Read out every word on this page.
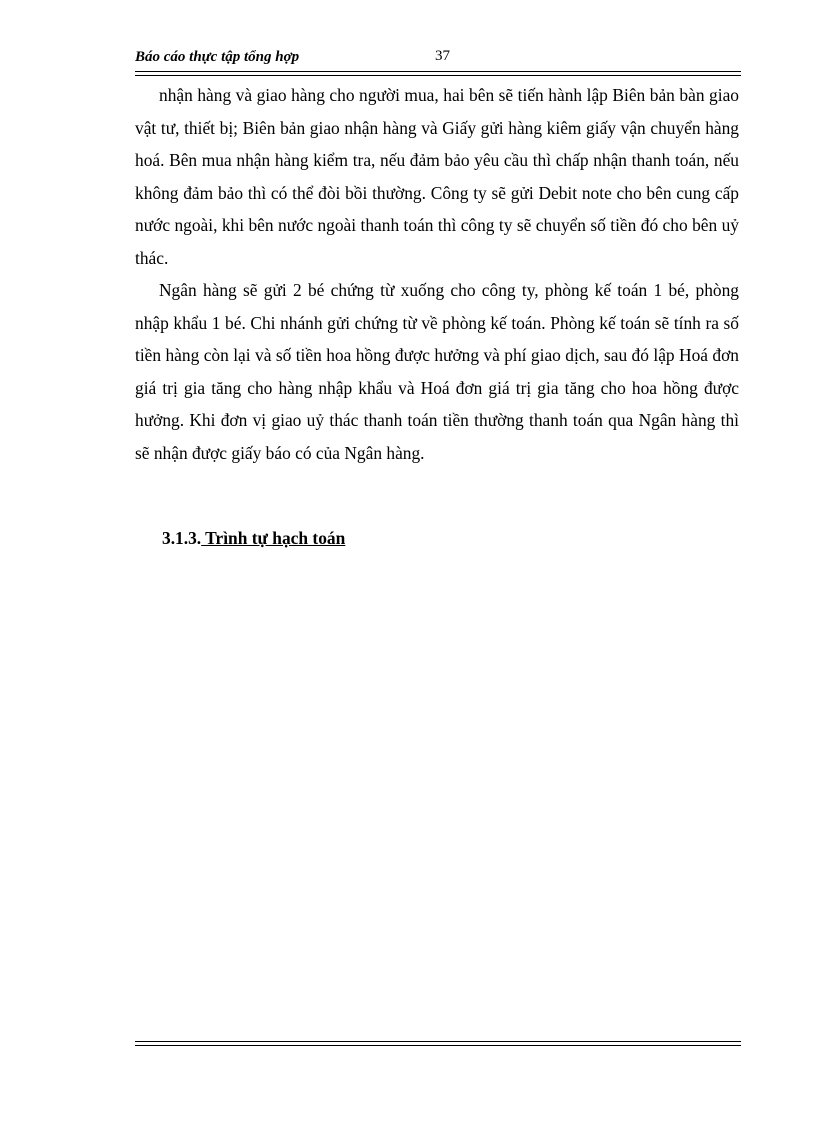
Báo cáo thực tập tổng hợp	37

nhận hàng và giao hàng cho người mua, hai bên sẽ tiến hành lập Biên bản bàn giao vật tư, thiết bị; Biên bản giao nhận hàng và Giấy gửi hàng kiêm giấy vận chuyển hàng hoá. Bên mua nhận hàng kiểm tra, nếu đảm bảo yêu cầu thì chấp nhận thanh toán, nếu không đảm bảo thì có thể đòi bồi thường. Công ty sẽ gửi Debit note cho bên cung cấp nước ngoài, khi bên nước ngoài thanh toán thì công ty sẽ chuyển số tiền đó cho bên uỷ thác.

Ngân hàng sẽ gửi 2 bé chứng từ xuống cho công ty, phòng kế toán 1 bé, phòng nhập khẩu 1 bé. Chi nhánh gửi chứng từ về phòng kế toán. Phòng kế toán sẽ tính ra số tiền hàng còn lại và số tiền hoa hồng được hưởng và phí giao dịch, sau đó lập Hoá đơn giá trị gia tăng cho hàng nhập khẩu và Hoá đơn giá trị gia tăng cho hoa hồng được hưởng. Khi đơn vị giao uỷ thác thanh toán tiền thường thanh toán qua Ngân hàng thì sẽ nhận được giấy báo có của Ngân hàng.

3.1.3. Trình tự hạch toán
